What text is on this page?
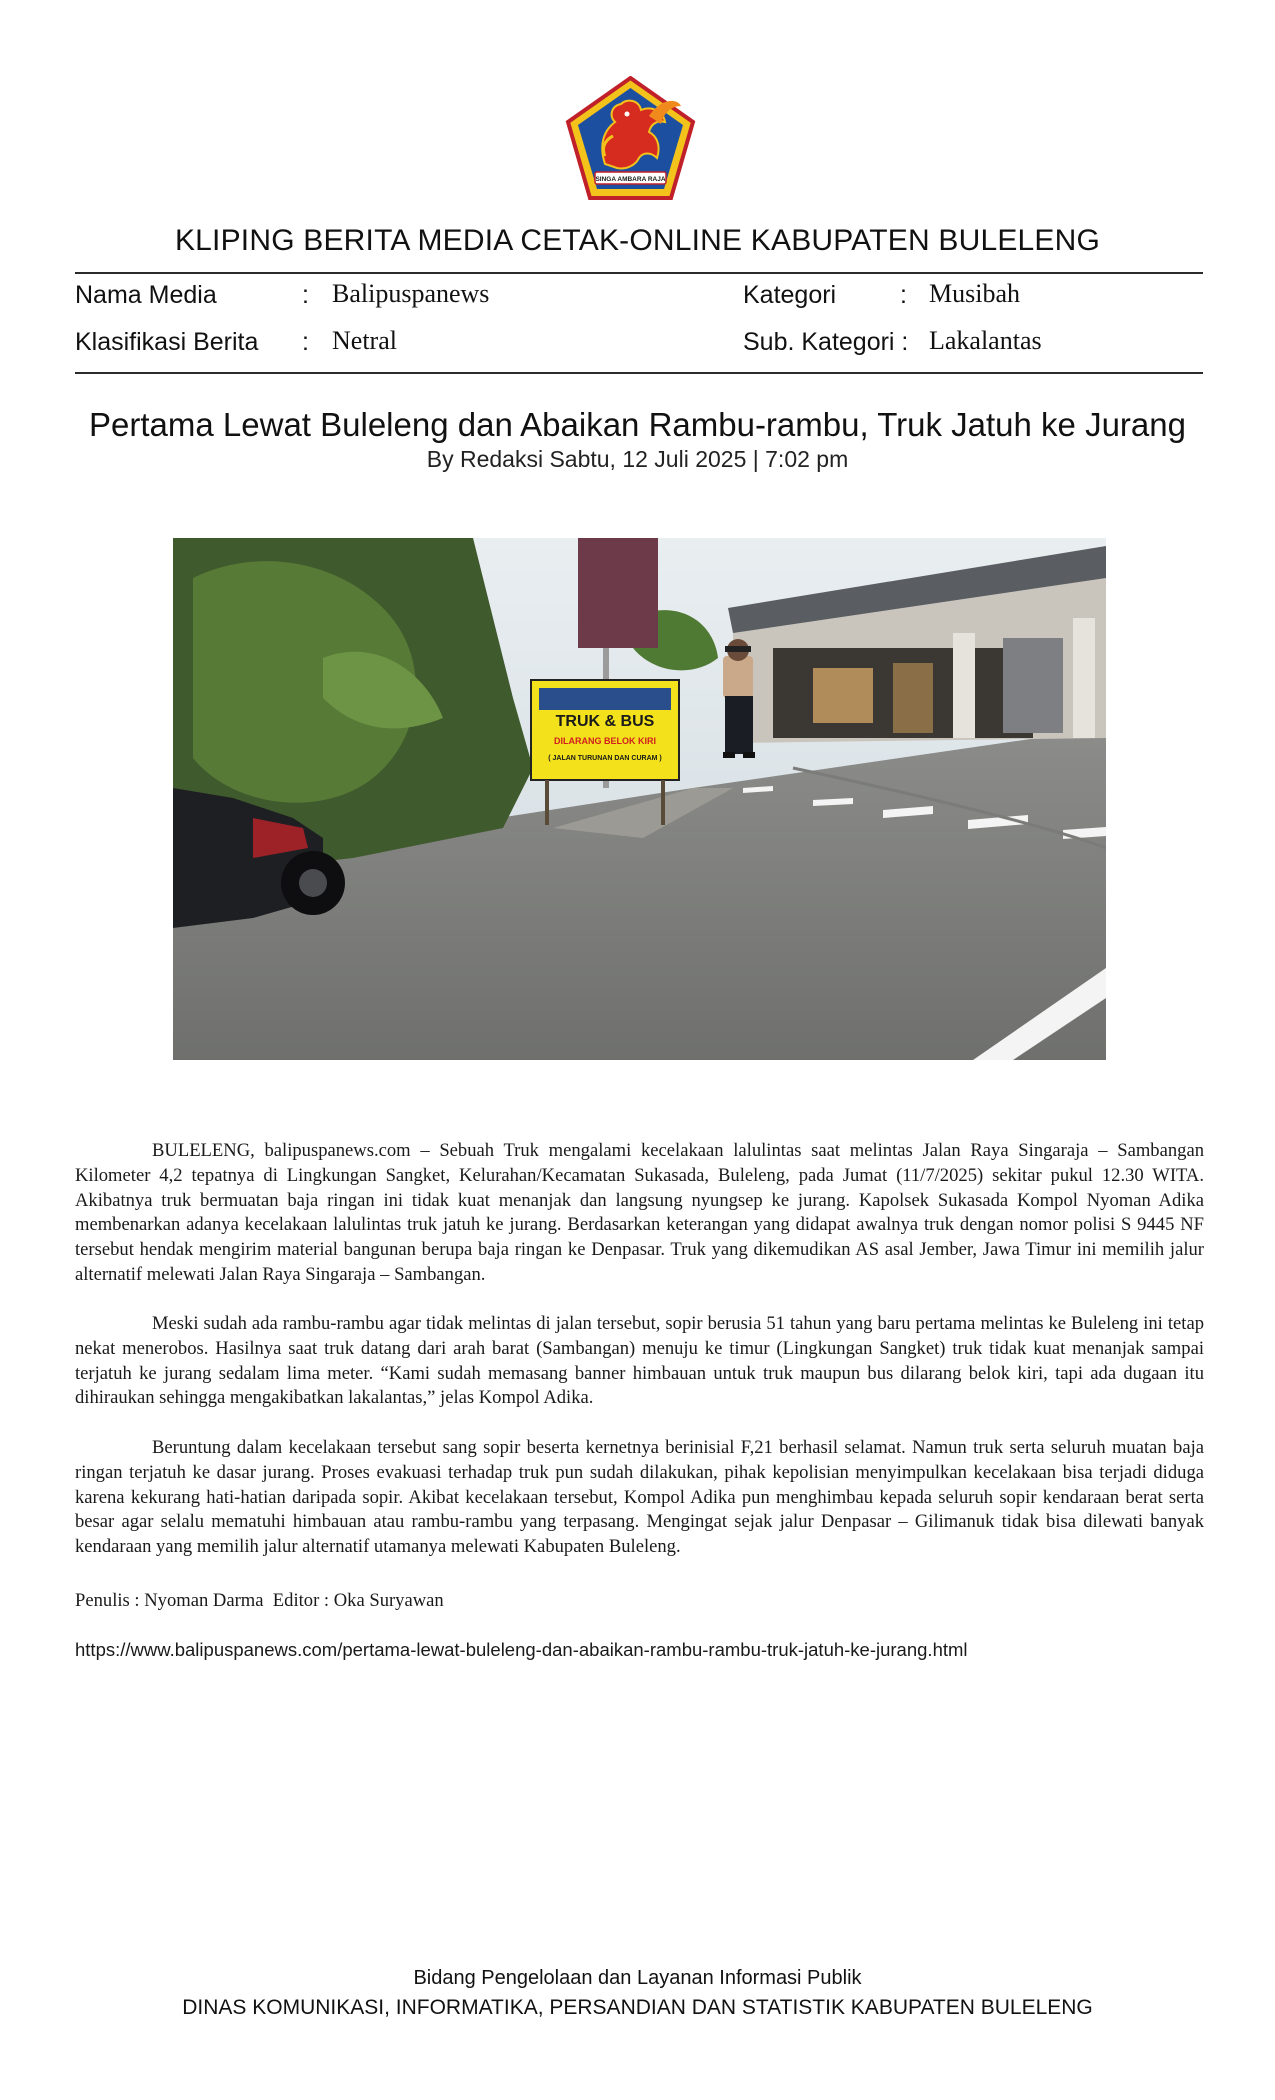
SINGA AMBARA RAJA
KLIPING BERITA MEDIA CETAK-ONLINE KABUPATEN BULELENG
Nama Media	: Balipuspanews	Kategori	: Musibah
Klasifikasi Berita : Netral	Sub. Kategori : Lakalantas
Pertama Lewat Buleleng dan Abaikan Rambu-rambu, Truk Jatuh ke Jurang
By Redaksi Sabtu, 12 Juli 2025 | 7:02 pm
TRUK & BUS
DILARANG BELOK KIRI
( JALAN TURUNAN DAN CURAM )

BULELENG, balipuspanews.com – Sebuah Truk mengalami kecelakaan lalulintas saat melintas Jalan Raya Singaraja – Sambangan Kilometer 4,2 tepatnya di Lingkungan Sangket, Kelurahan/Kecamatan Sukasada, Buleleng, pada Jumat (11/7/2025) sekitar pukul 12.30 WITA. Akibatnya truk bermuatan baja ringan ini tidak kuat menanjak dan langsung nyungsep ke jurang. Kapolsek Sukasada Kompol Nyoman Adika membenarkan adanya kecelakaan lalulintas truk jatuh ke jurang. Berdasarkan keterangan yang didapat awalnya truk dengan nomor polisi S 9445 NF tersebut hendak mengirim material bangunan berupa baja ringan ke Denpasar. Truk yang dikemudikan AS asal Jember, Jawa Timur ini memilih jalur alternatif melewati Jalan Raya Singaraja – Sambangan.

Meski sudah ada rambu-rambu agar tidak melintas di jalan tersebut, sopir berusia 51 tahun yang baru pertama melintas ke Buleleng ini tetap nekat menerobos. Hasilnya saat truk datang dari arah barat (Sambangan) menuju ke timur (Lingkungan Sangket) truk tidak kuat menanjak sampai terjatuh ke jurang sedalam lima meter. “Kami sudah memasang banner himbauan untuk truk maupun bus dilarang belok kiri, tapi ada dugaan itu dihiraukan sehingga mengakibatkan lakalantas,” jelas Kompol Adika.

Beruntung dalam kecelakaan tersebut sang sopir beserta kernetnya berinisial F,21 berhasil selamat. Namun truk serta seluruh muatan baja ringan terjatuh ke dasar jurang. Proses evakuasi terhadap truk pun sudah dilakukan, pihak kepolisian menyimpulkan kecelakaan bisa terjadi diduga karena kekurang hati-hatian daripada sopir. Akibat kecelakaan tersebut, Kompol Adika pun menghimbau kepada seluruh sopir kendaraan berat serta besar agar selalu mematuhi himbauan atau rambu-rambu yang terpasang. Mengingat sejak jalur Denpasar – Gilimanuk tidak bisa dilewati banyak kendaraan yang memilih jalur alternatif utamanya melewati Kabupaten Buleleng.

Penulis : Nyoman Darma  Editor : Oka Suryawan
https://www.balipuspanews.com/pertama-lewat-buleleng-dan-abaikan-rambu-rambu-truk-jatuh-ke-jurang.html
Bidang Pengelolaan dan Layanan Informasi Publik
DINAS KOMUNIKASI, INFORMATIKA, PERSANDIAN DAN STATISTIK KABUPATEN BULELENG
